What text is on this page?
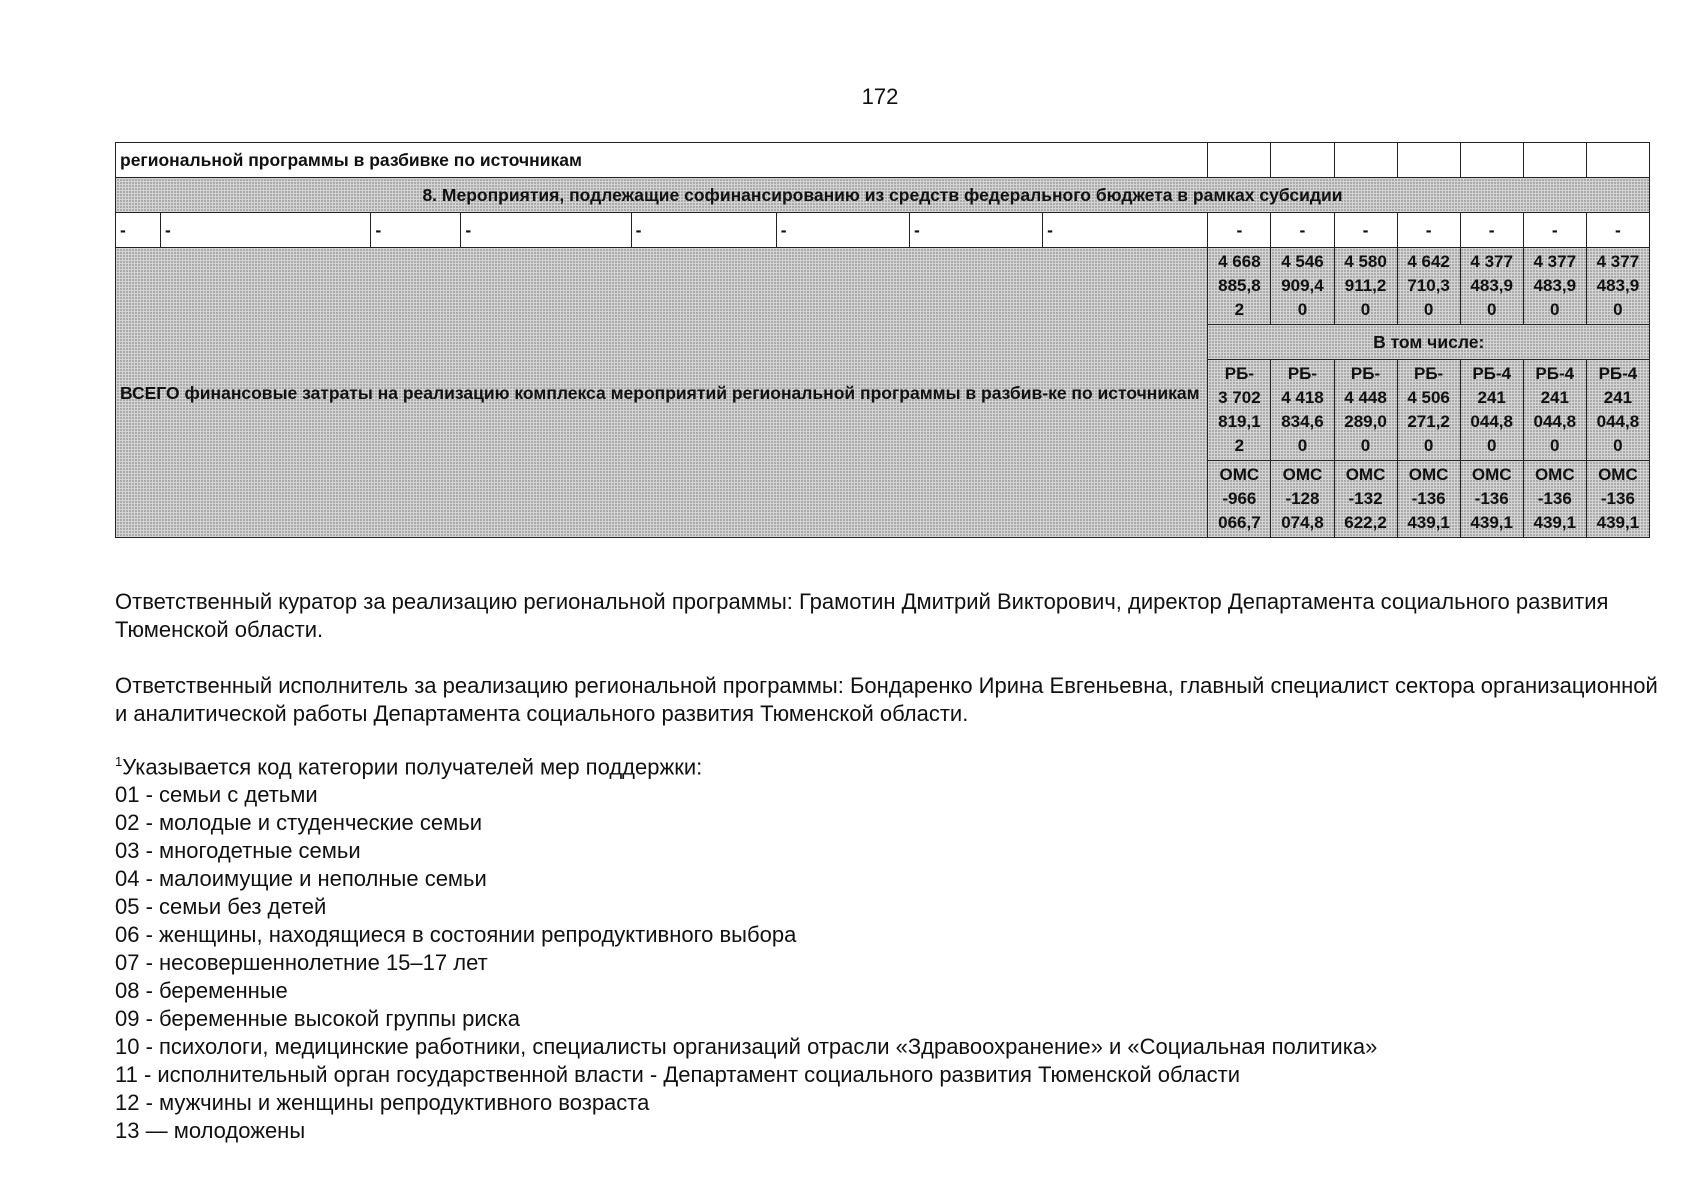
172
региональной программы в разбивке по источникам														
8. Мероприятия, подлежащие софинансированию из средств федерального бюджета в рамках субсидии														
-	-	-	-	-	-	-	-	-	-	-	-	-	-	-
ВСЕГО финансовые затраты на реализацию комплекса мероприятий региональной программы в разбив-ке по источникам								4 668
885,8
2	4 546
909,4
0	4 580
911,2
0	4 642
710,3
0	4 377
483,9
0	4 377
483,9
0	4 377
483,9
0

								В том числе:						

								РБ-
3 702
819,1
2	РБ-
4 418
834,6
0	РБ-
4 448
289,0
0	РБ-
4 506
271,2
0	РБ-4
241
044,8
0	РБ-4
241
044,8
0	РБ-4
241
044,8
0

								ОМС
-966
066,7	ОМС
-128
074,8	ОМС
-132
622,2	ОМС
-136
439,1	ОМС
-136
439,1	ОМС
-136
439,1	ОМС
-136
439,1
Ответственный куратор за реализацию региональной программы: Грамотин Дмитрий Викторович, директор Департамента социального развития Тюменской области.
Ответственный исполнитель за реализацию региональной программы: Бондаренко Ирина Евгеньевна, главный специалист сектора организационной и аналитической работы Департамента социального развития Тюменской области.
$^1$Указывается код категории получателей мер поддержки:
01 - семьи с детьми
02 - молодые и студенческие семьи
03 - многодетные семьи
04 - малоимущие и неполные семьи
05 - семьи без детей
06 - женщины, находящиеся в состоянии репродуктивного выбора
07 - несовершеннолетние 15–17 лет
08 - беременные
09 - беременные высокой группы риска
10 - психологи, медицинские работники, специалисты организаций отрасли «Здравоохранение» и «Социальная политика»
11 - исполнительный орган государственной власти - Департамент социального развития Тюменской области
12 - мужчины и женщины репродуктивного возраста
13 — молодожены
